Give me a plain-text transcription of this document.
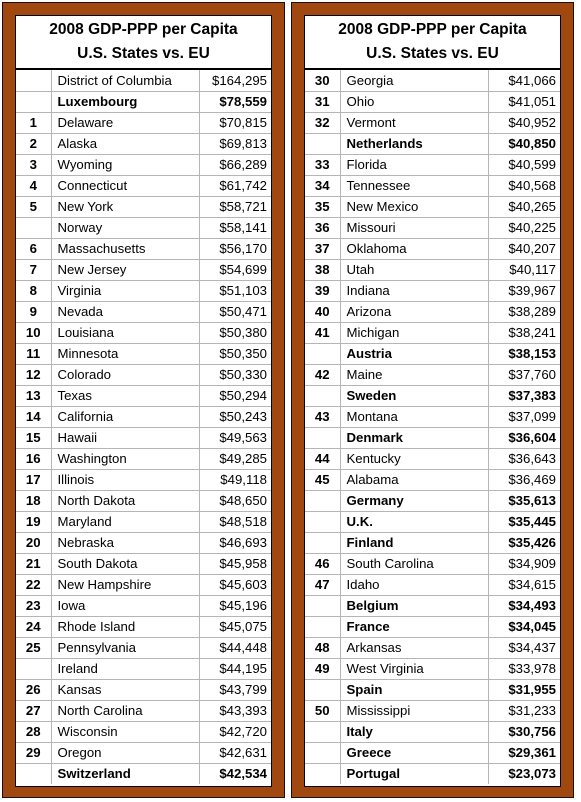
2008 GDP-PPP per Capita
U.S. States vs. EU
	District of Columbia	$164,295
	Luxembourg	$78,559
1	Delaware	$70,815
2	Alaska	$69,813
3	Wyoming	$66,289
4	Connecticut	$61,742
5	New York	$58,721
	Norway	$58,141
6	Massachusetts	$56,170
7	New Jersey	$54,699
8	Virginia	$51,103
9	Nevada	$50,471
10	Louisiana	$50,380
11	Minnesota	$50,350
12	Colorado	$50,330
13	Texas	$50,294
14	California	$50,243
15	Hawaii	$49,563
16	Washington	$49,285
17	Illinois	$49,118
18	North Dakota	$48,650
19	Maryland	$48,518
20	Nebraska	$46,693
21	South Dakota	$45,958
22	New Hampshire	$45,603
23	Iowa	$45,196
24	Rhode Island	$45,075
25	Pennsylvania	$44,448
	Ireland	$44,195
26	Kansas	$43,799
27	North Carolina	$43,393
28	Wisconsin	$42,720
29	Oregon	$42,631
	Switzerland	$42,534
2008 GDP-PPP per Capita
U.S. States vs. EU
30	Georgia	$41,066
31	Ohio	$41,051
32	Vermont	$40,952
	Netherlands	$40,850
33	Florida	$40,599
34	Tennessee	$40,568
35	New Mexico	$40,265
36	Missouri	$40,225
37	Oklahoma	$40,207
38	Utah	$40,117
39	Indiana	$39,967
40	Arizona	$38,289
41	Michigan	$38,241
	Austria	$38,153
42	Maine	$37,760
	Sweden	$37,383
43	Montana	$37,099
	Denmark	$36,604
44	Kentucky	$36,643
45	Alabama	$36,469
	Germany	$35,613
	U.K.	$35,445
	Finland	$35,426
46	South Carolina	$34,909
47	Idaho	$34,615
	Belgium	$34,493
	France	$34,045
48	Arkansas	$34,437
49	West Virginia	$33,978
	Spain	$31,955
50	Mississippi	$31,233
	Italy	$30,756
	Greece	$29,361
	Portugal	$23,073
